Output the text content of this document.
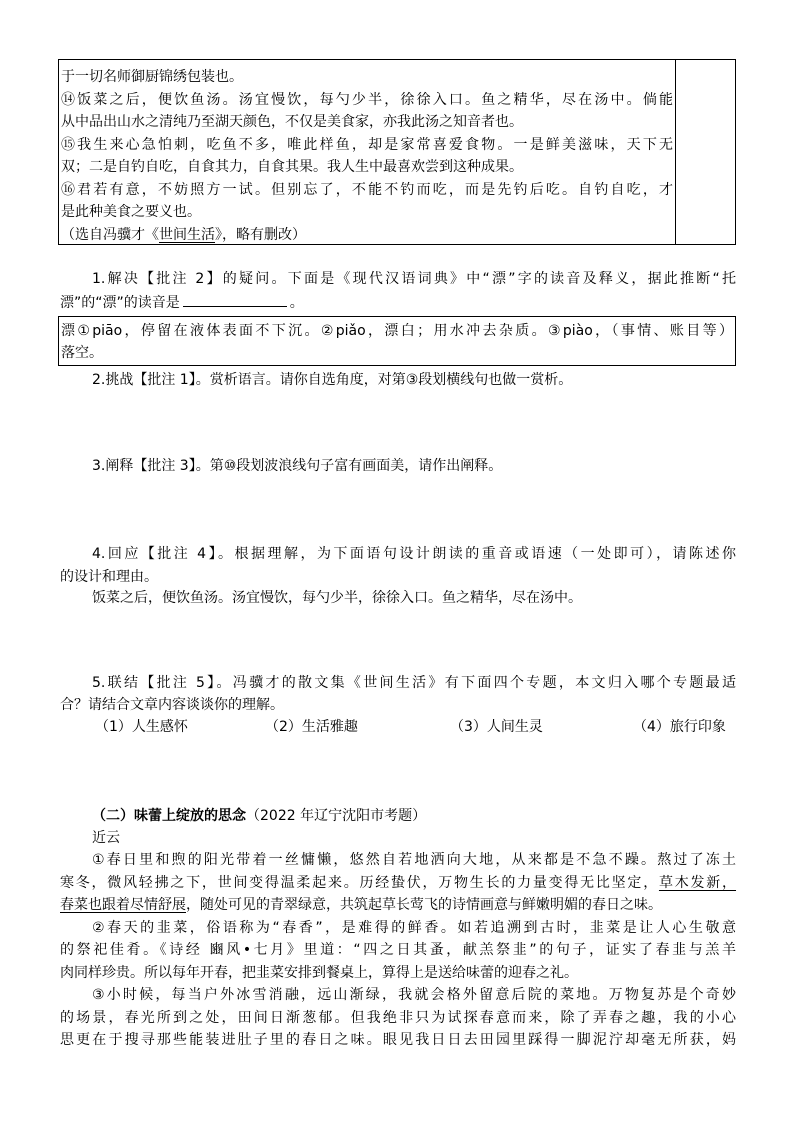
于一切名师御厨锦绣包装也。
⑭饭菜之后，便饮鱼汤。汤宜慢饮，每勺少半，徐徐入口。鱼之精华，尽在汤中。倘能
从中品出山水之清纯乃至湖天颜色，不仅是美食家，亦我此汤之知音者也。
⑮我生来心急怕刺，吃鱼不多，唯此样鱼，却是家常喜爱食物。一是鲜美滋味，天下无
双；二是自钓自吃，自食其力，自食其果。我人生中最喜欢尝到这种成果。
⑯君若有意，不妨照方一试。但别忘了，不能不钓而吃，而是先钓后吃。自钓自吃，才
是此种美食之要义也。
（选自冯骥才《世间生活》，略有删改）
1.解决【批注 2】的疑问。下面是《现代汉语词典》中“漂”字的读音及释义，据此推断“托
漂”的“漂”的读音是	。
漂①piāo，停留在液体表面不下沉。②piǎo，漂白；用水冲去杂质。③piào，（事情、账目等）
落空。
2.挑战【批注 1】。赏析语言。请你自选角度，对第③段划横线句也做一赏析。
3.阐释【批注 3】。第⑩段划波浪线句子富有画面美，请作出阐释。
4.回应【批注 4】。根据理解，为下面语句设计朗读的重音或语速（一处即可），请陈述你
的设计和理由。
饭菜之后，便饮鱼汤。汤宜慢饮，每勺少半，徐徐入口。鱼之精华，尽在汤中。
5.联结【批注 5】。冯骥才的散文集《世间生活》有下面四个专题，本文归入哪个专题最适
合？请结合文章内容谈谈你的理解。
（1）人生感怀	（2）生活雅趣	（3）人间生灵	（4）旅行印象
（二）味蕾上绽放的思念（2022 年辽宁沈阳市考题）
近云
①春日里和煦的阳光带着一丝慵懒，悠然自若地洒向大地，从来都是不急不躁。熬过了冻土
寒冬，微风轻拂之下，世间变得温柔起来。历经蛰伏，万物生长的力量变得无比坚定，草木发新，
春菜也跟着尽情舒展，随处可见的青翠绿意，共筑起草长莺飞的诗情画意与鲜嫩明媚的春日之味。
②春天的韭菜，俗语称为“春香”，是难得的鲜香。如若追溯到古时，韭菜是让人心生敬意
的祭祀佳肴。《诗经 豳风•七月》里道：“四之日其蚤，献羔祭韭”的句子，证实了春韭与羔羊
肉同样珍贵。所以每年开春，把韭菜安排到餐桌上，算得上是送给味蕾的迎春之礼。
③小时候，每当户外冰雪消融，远山渐绿，我就会格外留意后院的菜地。万物复苏是个奇妙
的场景，春光所到之处，田间日渐葱郁。但我绝非只为试探春意而来，除了弄春之趣，我的小心
思更在于搜寻那些能装进肚子里的春日之味。眼见我日日去田园里踩得一脚泥泞却毫无所获，妈
